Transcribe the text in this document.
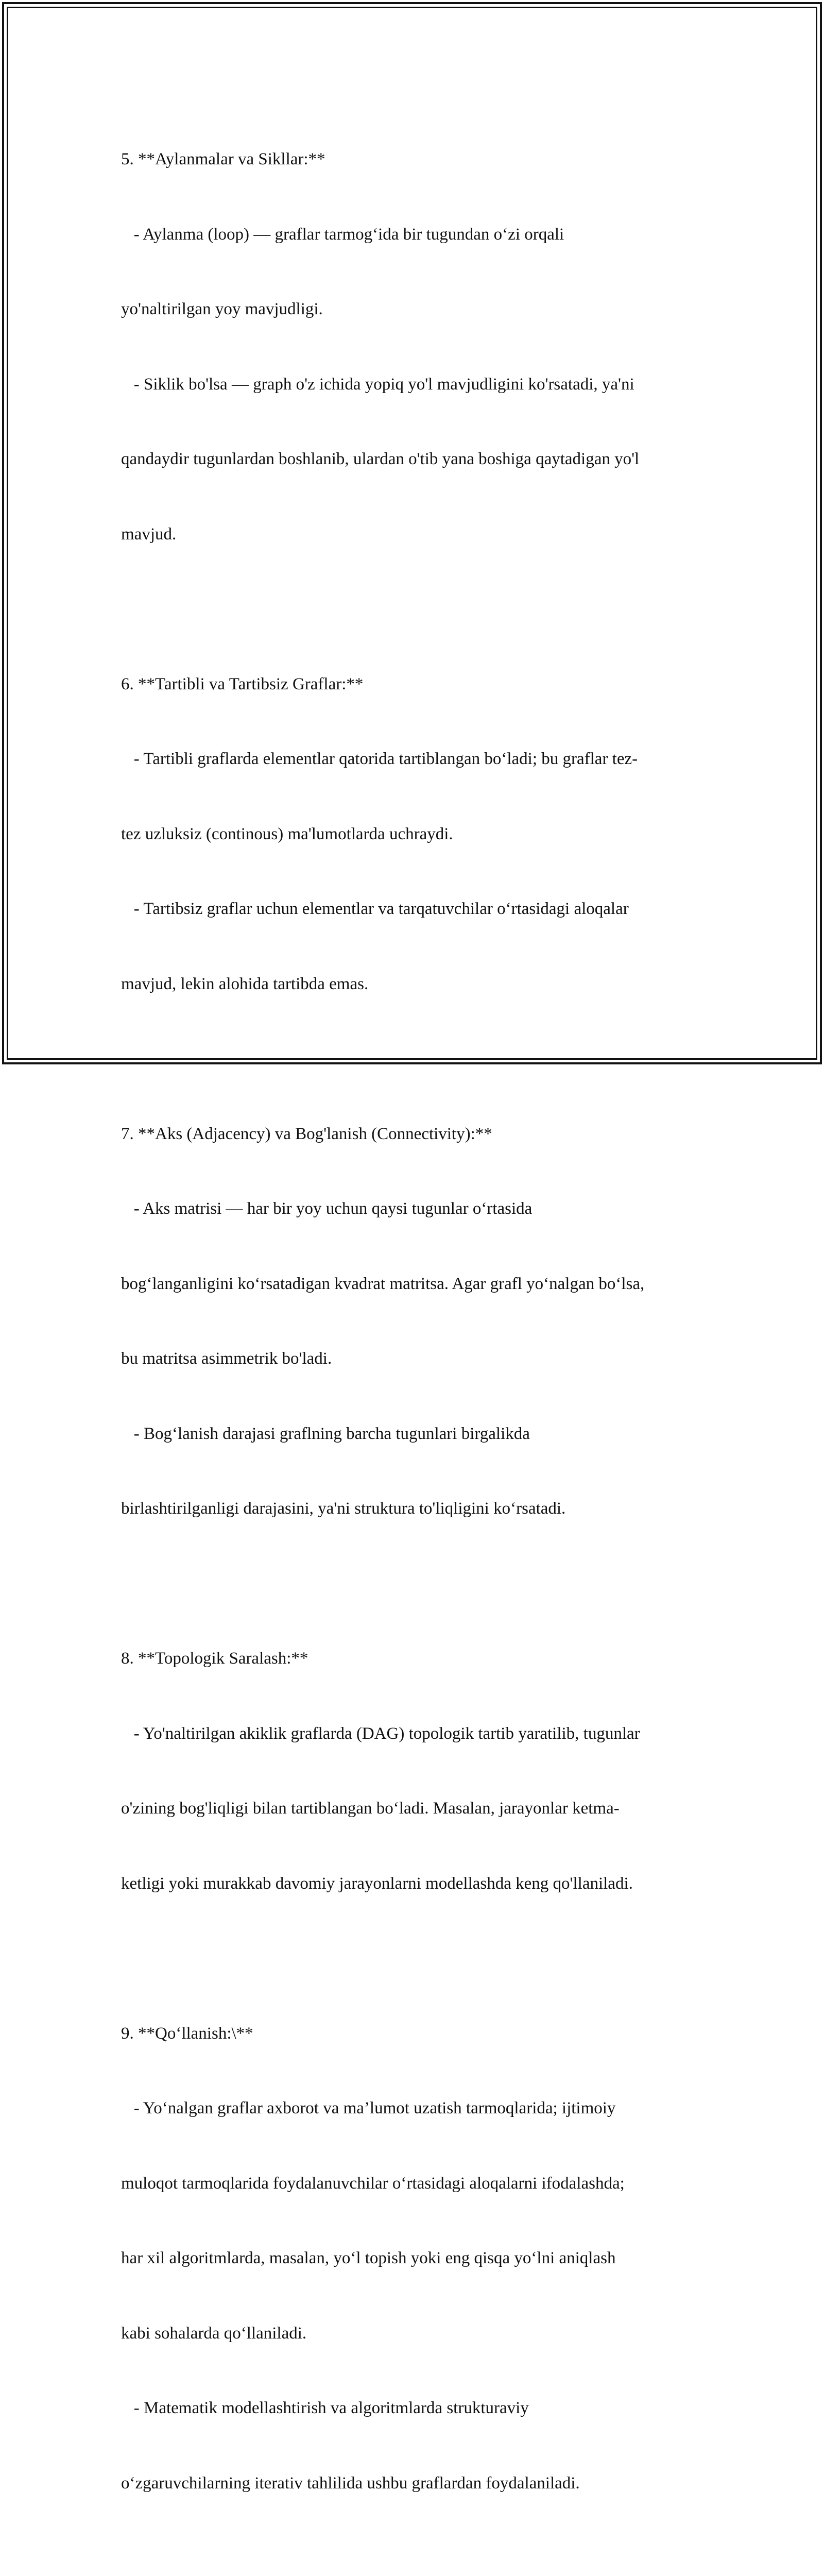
5. **Aylanmalar va Sikllar:**

- Aylanma (loop) — graflar tarmog‘ida bir tugundan o‘zi orqali

yo'naltirilgan yoy mavjudligi.

- Siklik bo'lsa — graph o'z ichida yopiq yo'l mavjudligini ko'rsatadi, ya'ni

qandaydir tugunlardan boshlanib, ulardan o'tib yana boshiga qaytadigan yo'l

mavjud.

6. **Tartibli va Tartibsiz Graflar:**

- Tartibli graflarda elementlar qatorida tartiblangan bo‘ladi; bu graflar tez-

tez uzluksiz (continous) ma'lumotlarda uchraydi.

- Tartibsiz graflar uchun elementlar va tarqatuvchilar o‘rtasidagi aloqalar

mavjud, lekin alohida tartibda emas.

7. **Aks (Adjacency) va Bog'lanish (Connectivity):**

- Aks matrisi — har bir yoy uchun qaysi tugunlar o‘rtasida

bog‘langanligini ko‘rsatadigan kvadrat matritsa. Agar grafl yo‘nalgan bo‘lsa,

bu matritsa asimmetrik bo'ladi.

- Bog‘lanish darajasi graflning barcha tugunlari birgalikda

birlashtirilganligi darajasini, ya'ni struktura to'liqligini ko‘rsatadi.

8. **Topologik Saralash:**

- Yo'naltirilgan akiklik graflarda (DAG) topologik tartib yaratilib, tugunlar

o'zining bog'liqligi bilan tartiblangan bo‘ladi. Masalan, jarayonlar ketma-

ketligi yoki murakkab davomiy jarayonlarni modellashda keng qo'llaniladi.

9. **Qo‘llanish:\**

- Yo‘nalgan graflar axborot va ma’lumot uzatish tarmoqlarida; ijtimoiy

muloqot tarmoqlarida foydalanuvchilar o‘rtasidagi aloqalarni ifodalashda;

har xil algoritmlarda, masalan, yo‘l topish yoki eng qisqa yo‘lni aniqlash

kabi sohalarda qo‘llaniladi.

- Matematik modellashtirish va algoritmlarda strukturaviy

o‘zgaruvchilarning iterativ tahlilida ushbu graflardan foydalaniladi.
